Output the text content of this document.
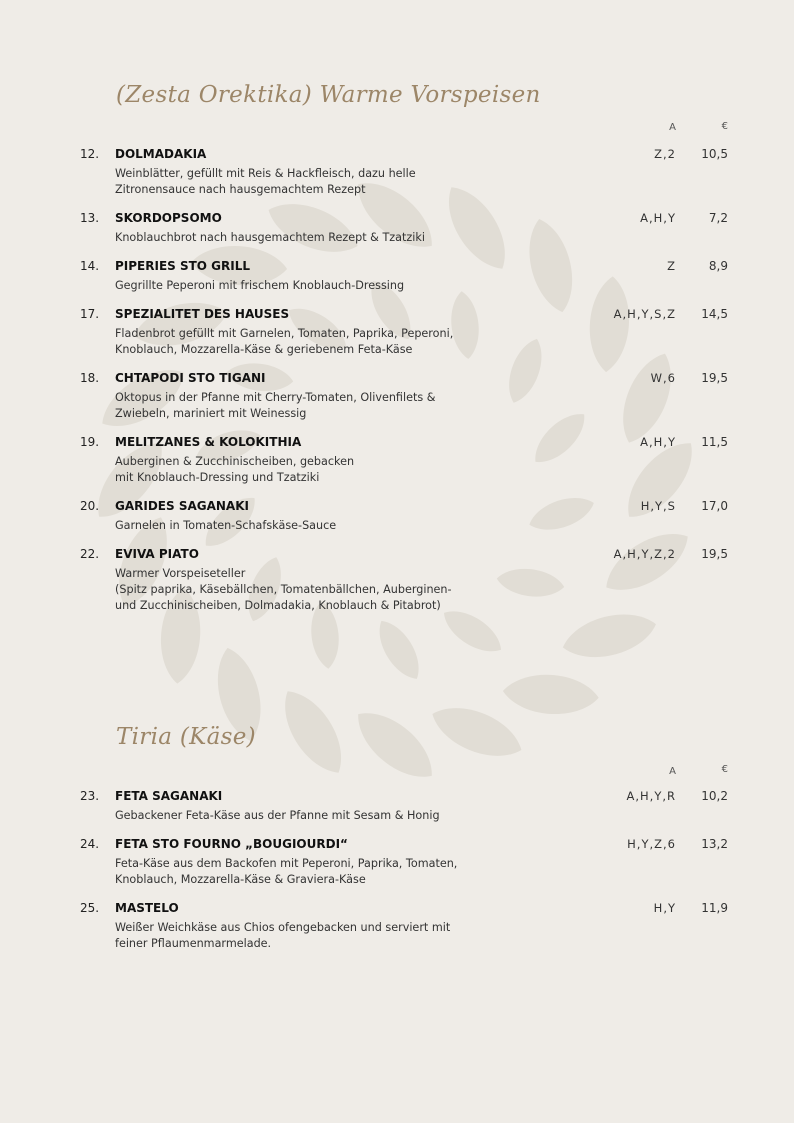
(Zesta Orektika) Warme Vorspeisen
A	€
12. DOLMADAKIA
Weinblätter, gefüllt mit Reis & Hackfleisch, dazu helle
Zitronensauce nach hausgemachtem Rezept
Z,2 10,5
13. SKORDOPSOMO
Knoblauchbrot nach hausgemachtem Rezept & Tzatziki
A,H,Y	7,2
14. PIPERIES STO GRILL
Gegrillte Peperoni mit frischem Knoblauch-Dressing
Z	8,9
17. SPEZIALITET DES HAUSES
Fladenbrot gefüllt mit Garnelen, Tomaten, Paprika, Peperoni,
Knoblauch, Mozzarella-Käse & geriebenem Feta-Käse
A,H,Y,S,Z 14,5
18. CHTAPODI STO TIGANI
Oktopus in der Pfanne mit Cherry-Tomaten, Olivenfilets &
Zwiebeln, mariniert mit Weinessig
W,6 19,5
19. MELITZANES & KOLOKITHIA
Auberginen & Zucchinischeiben, gebacken
mit Knoblauch-Dressing und Tzatziki
A,H,Y 11,5
20. GARIDES SAGANAKI
Garnelen in Tomaten-Schafskäse-Sauce
H,Y,S 17,0
22. EVIVA PIATO
Warmer Vorspeiseteller
(Spitz paprika, Käsebällchen, Tomatenbällchen, Auberginen-
und Zucchinischeiben, Dolmadakia, Knoblauch & Pitabrot)
A,H,Y,Z,2 19,5
Tiria (Käse)
A	€
23. FETA SAGANAKI
Gebackener Feta-Käse aus der Pfanne mit Sesam & Honig
A,H,Y,R 10,2
24. FETA STO FOURNO „BOUGIOURDI“
Feta-Käse aus dem Backofen mit Peperoni, Paprika, Tomaten,
Knoblauch, Mozzarella-Käse & Graviera-Käse
H,Y,Z,6 13,2
25. MASTELO
Weißer Weichkäse aus Chios ofengebacken und serviert mit
feiner Pflaumenmarmelade.
H,Y 11,9
